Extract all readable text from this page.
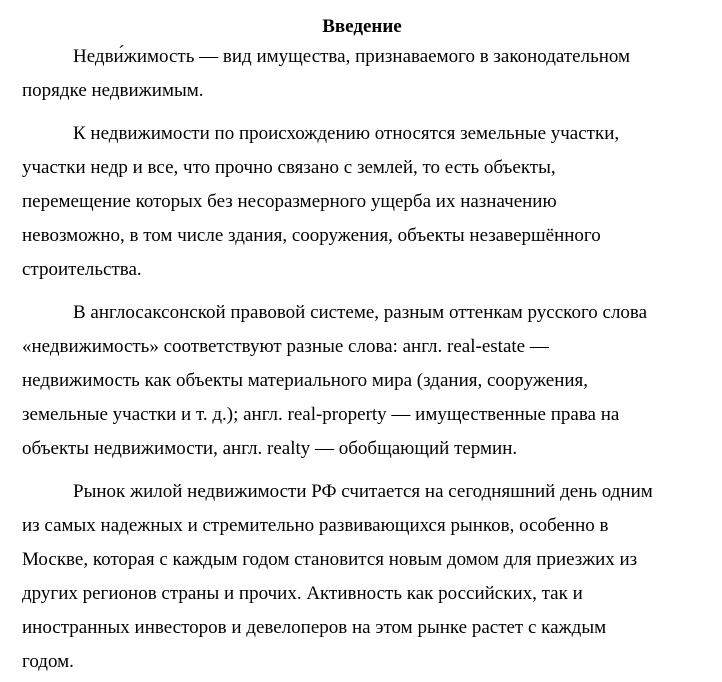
Введение
Недви́жимость — вид имущества, признаваемого в законодательном
порядке недвижимым.
К недвижимости по происхождению относятся земельные участки,
участки недр и все, что прочно связано с землей, то есть объекты,
перемещение которых без несоразмерного ущерба их назначению
невозможно, в том числе здания, сооружения, объекты незавершённого
строительства.
В англосаксонской правовой системе, разным оттенкам русского слова
«недвижимость» соответствуют разные слова: англ. real-estate —
недвижимость как объекты материального мира (здания, сооружения,
земельные участки и т. д.); англ. real-property — имущественные права на
объекты недвижимости, англ. realty — обобщающий термин.
Рынок жилой недвижимости РФ считается на сегодняшний день одним
из самых надежных и стремительно развивающихся рынков, особенно в
Москве, которая с каждым годом становится новым домом для приезжих из
других регионов страны и прочих. Активность как российских, так и
иностранных инвесторов и девелоперов на этом рынке растет с каждым
годом.
